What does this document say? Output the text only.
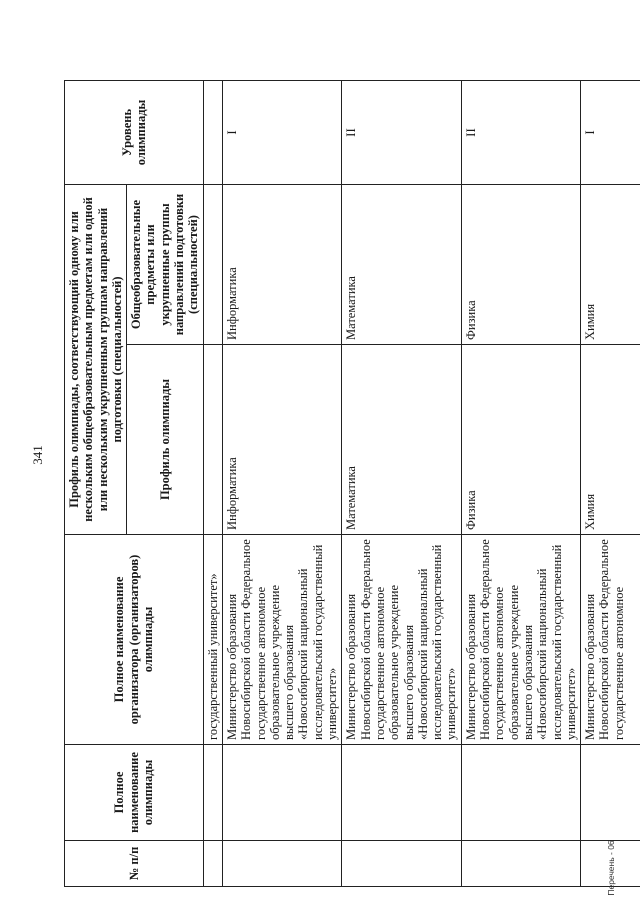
341
№ п/п	Полное наименование олимпиады	Полное наименование организатора (организаторов) олимпиады	Профиль олимпиады, соответствующий одному или нескольким общеобразовательным предметам или одной или нескольким укрупненным группам направлений подготовки (специальностей)		Уровень олимпиады
			Профиль олимпиады	Общеобразовательные предметы или укрупненные группы направлений подготовки (специальностей)	
		государственный университет»			
		Министерство образования Новосибирской области Федеральное государственное автономное образовательное учреждение высшего образования «Новосибирский национальный исследовательский государственный университет»	Информатика	Информатика	I
		Министерство образования Новосибирской области Федеральное государственное автономное образовательное учреждение высшего образования «Новосибирский национальный исследовательский государственный университет»	Математика	Математика	II
		Министерство образования Новосибирской области Федеральное государственное автономное образовательное учреждение высшего образования «Новосибирский национальный исследовательский государственный университет»	Физика	Физика	II
		Министерство образования Новосибирской области Федеральное государственное автономное	Химия	Химия	I
Перечень - 06
